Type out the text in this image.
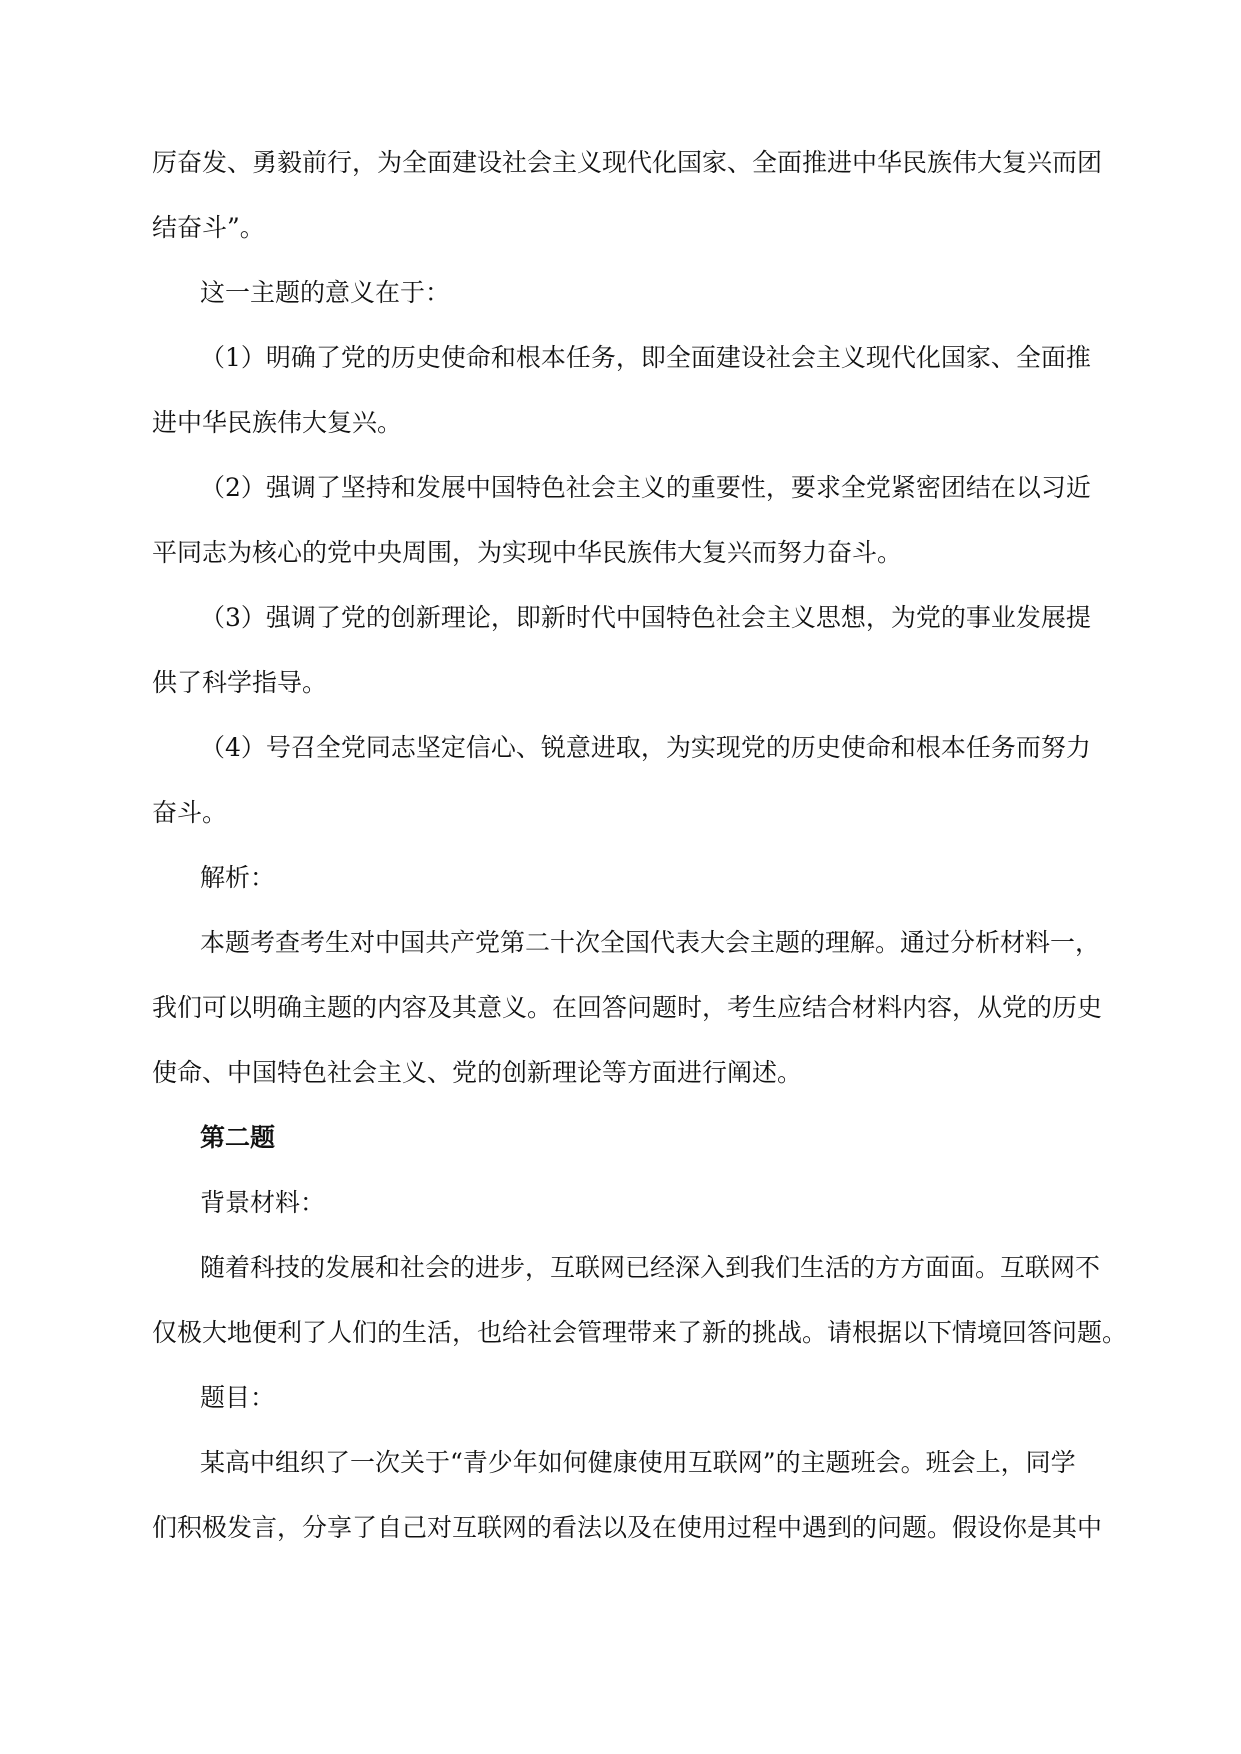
厉奋发、勇毅前行，为全面建设社会主义现代化国家、全面推进中华民族伟大复兴而团
结奋斗”。
这一主题的意义在于：
（1）明确了党的历史使命和根本任务，即全面建设社会主义现代化国家、全面推
进中华民族伟大复兴。
（2）强调了坚持和发展中国特色社会主义的重要性，要求全党紧密团结在以习近
平同志为核心的党中央周围，为实现中华民族伟大复兴而努力奋斗。
（3）强调了党的创新理论，即新时代中国特色社会主义思想，为党的事业发展提
供了科学指导。
（4）号召全党同志坚定信心、锐意进取，为实现党的历史使命和根本任务而努力
奋斗。
解析：
本题考查考生对中国共产党第二十次全国代表大会主题的理解。通过分析材料一，
我们可以明确主题的内容及其意义。在回答问题时，考生应结合材料内容，从党的历史
使命、中国特色社会主义、党的创新理论等方面进行阐述。
第二题
背景材料：
随着科技的发展和社会的进步，互联网已经深入到我们生活的方方面面。互联网不
仅极大地便利了人们的生活，也给社会管理带来了新的挑战。请根据以下情境回答问题。
题目：
某高中组织了一次关于“青少年如何健康使用互联网”的主题班会。班会上，同学
们积极发言，分享了自己对互联网的看法以及在使用过程中遇到的问题。假设你是其中
